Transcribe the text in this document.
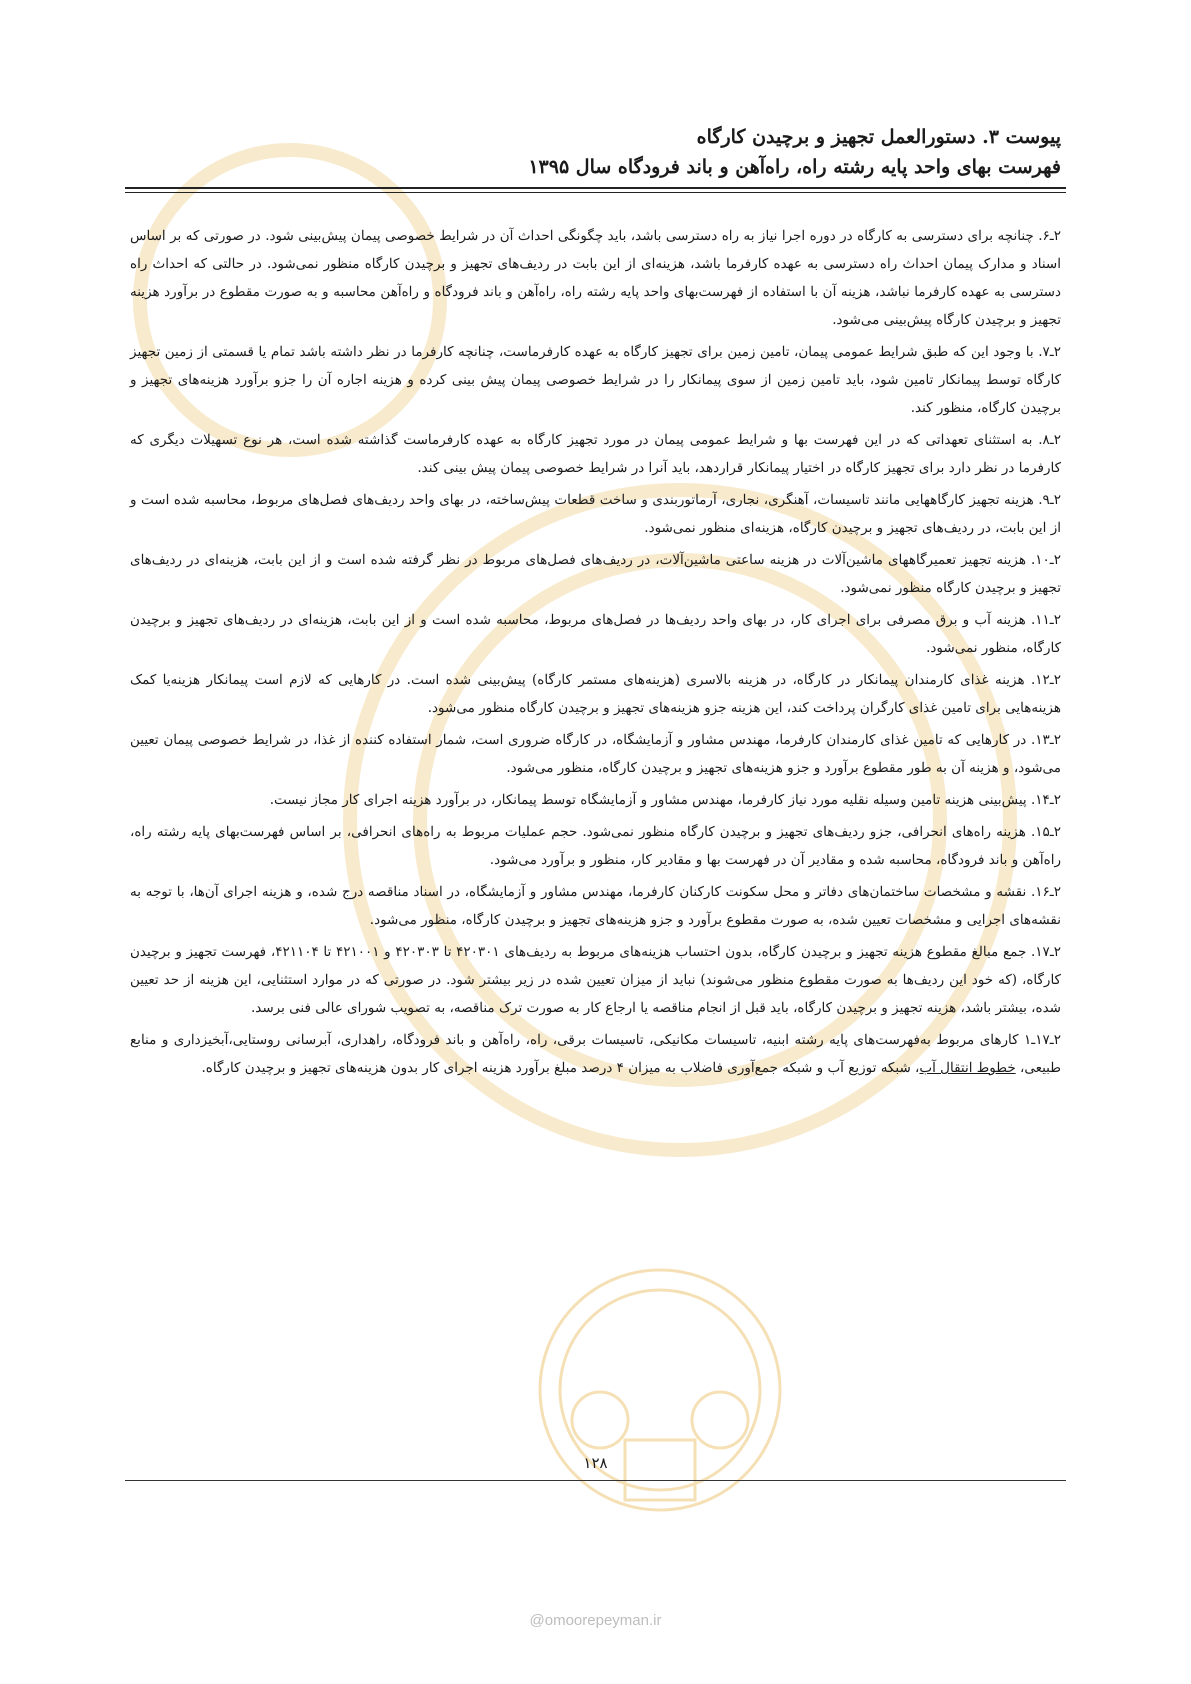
پیوست ۳. دستورالعمل تجهیز و برچیدن کارگاه
فهرست بهای واحد پایه رشته راه، راه‌آهن و باند فرودگاه سال ۱۳۹۵

۲ـ۶. چنانچه برای دسترسی به کارگاه در دوره اجرا نیاز به راه دسترسی باشد، باید چگونگی احداث آن در شرایط خصوصی پیمان پیش‌بینی شود. در صورتی که بر اساس اسناد و مدارک پیمان احداث راه دسترسی به عهده کارفرما باشد، هزینه‌ای از این بابت در ردیف‌های تجهیز و برچیدن کارگاه منظور نمی‌شود. در حالتی که احداث راه دسترسی به عهده کارفرما نباشد، هزینه آن با استفاده از فهرست‌بهای واحد پایه رشته راه، راه‌آهن و باند فرودگاه و راه‌آهن محاسبه و به صورت مقطوع در برآورد هزینه تجهیز و برچیدن کارگاه پیش‌بینی می‌شود.

۲ـ۷. با وجود این که طبق شرایط عمومی پیمان، تامین زمین برای تجهیز کارگاه به عهده کارفرماست، چنانچه کارفرما در نظر داشته باشد تمام یا قسمتی از زمین تجهیز کارگاه توسط پیمانکار تامین شود، باید تامین زمین از سوی پیمانکار را در شرایط خصوصی پیمان پیش بینی کرده و هزینه اجاره آن را جزو برآورد هزینه‌های تجهیز و برچیدن کارگاه، منظور کند.

۲ـ۸. به استثنای تعهداتی که در این فهرست بها و شرایط عمومی پیمان در مورد تجهیز کارگاه به عهده کارفرماست گذاشته شده است، هر نوع تسهیلات دیگری که کارفرما در نظر دارد برای تجهیز کارگاه در اختیار پیمانکار قراردهد، باید آنرا در شرایط خصوصی پیمان پیش بینی کند.

۲ـ۹. هزینه تجهیز کارگاههایی مانند تاسیسات، آهنگری، نجاری، آرماتوربندی و ساخت قطعات پیش‌ساخته، در بهای واحد ردیف‌های فصل‌های مربوط، محاسبه شده است و از این بابت، در ردیف‌های تجهیز و برچیدن کارگاه، هزینه‌ای منظور نمی‌شود.

۲ـ۱۰. هزینه تجهیز تعمیرگاههای ماشین‌آلات در هزینه ساعتی ماشین‌آلات، در ردیف‌های فصل‌های مربوط در نظر گرفته شده است و از این بابت، هزینه‌ای در ردیف‌های تجهیز و برچیدن کارگاه منظور نمی‌شود.

۲ـ۱۱. هزینه آب و برق مصرفی برای اجرای کار، در بهای واحد ردیف‌ها در فصل‌های مربوط، محاسبه شده است و از این بابت، هزینه‌ای در ردیف‌های تجهیز و برچیدن کارگاه، منظور نمی‌شود.

۲ـ۱۲. هزینه غذای کارمندان پیمانکار در کارگاه، در هزینه بالاسری (هزینه‌های مستمر کارگاه) پیش‌بینی شده است. در کارهایی که لازم است پیمانکار هزینه‌یا کمک هزینه‌هایی برای تامین غذای کارگران پرداخت کند، این هزینه جزو هزینه‌های تجهیز و برچیدن کارگاه منظور می‌شود.

۲ـ۱۳. در کارهایی که تامین غذای کارمندان کارفرما، مهندس مشاور و آزمایشگاه، در کارگاه ضروری است، شمار استفاده کننده از غذا، در شرایط خصوصی پیمان تعیین می‌شود، و هزینه آن به طور مقطوع برآورد و جزو هزینه‌های تجهیز و برچیدن کارگاه، منظور می‌شود.

۲ـ۱۴. پیش‌بینی هزینه تامین وسیله نقلیه مورد نیاز کارفرما، مهندس مشاور و آزمایشگاه توسط پیمانکار، در برآورد هزینه اجرای کار مجاز نیست.

۲ـ۱۵. هزینه راه‌های انحرافی، جزو ردیف‌های تجهیز و برچیدن کارگاه منظور نمی‌شود. حجم عملیات مربوط به راه‌های انحرافی، بر اساس فهرست‌بهای پایه رشته راه، راه‌آهن و باند فرودگاه، محاسبه شده و مقادیر آن در فهرست بها و مقادیر کار، منظور و برآورد می‌شود.

۲ـ۱۶. نقشه و مشخصات ساختمان‌های دفاتر و محل سکونت کارکنان کارفرما، مهندس مشاور و آزمایشگاه، در اسناد مناقصه درج شده، و هزینه اجرای آن‌ها، با توجه به نقشه‌های اجرایی و مشخصات تعیین شده، به صورت مقطوع برآورد و جزو هزینه‌های تجهیز و برچیدن کارگاه، منظور می‌شود.

۲ـ۱۷. جمع مبالغ مقطوع هزینه تجهیز و برچیدن کارگاه، بدون احتساب هزینه‌های مربوط به ردیف‌های ۴۲۰۳۰۱ تا ۴۲۰۳۰۳ و ۴۲۱۰۰۱ تا ۴۲۱۱۰۴، فهرست تجهیز و برچیدن کارگاه، (که خود این ردیف‌ها به صورت مقطوع منظور می‌شوند) نباید از میزان تعیین شده در زیر بیشتر شود. در صورتی که در موارد استثنایی، این هزینه از حد تعیین شده، بیشتر باشد، هزینه تجهیز و برچیدن کارگاه، باید قبل از انجام مناقصه یا ارجاع کار به صورت ترک مناقصه، به تصویب شورای عالی فنی برسد.

۲ـ۱۷ـ۱ کارهای مربوط به‌فهرست‌های پایه رشته ابنیه، تاسیسات مکانیکی، تاسیسات برقی، راه، راه‌آهن و باند فرودگاه، راهداری، آبرسانی روستایی،آبخیزداری و منابع طبیعی، خطوط انتقال آب، شبکه توزیع آب و شبکه جمع‌آوری فاضلاب به میزان ۴ درصد مبلغ برآورد هزینه اجرای کار بدون هزینه‌های تجهیز و برچیدن کارگاه.

۱۲۸
@omoorepeyman.ir
